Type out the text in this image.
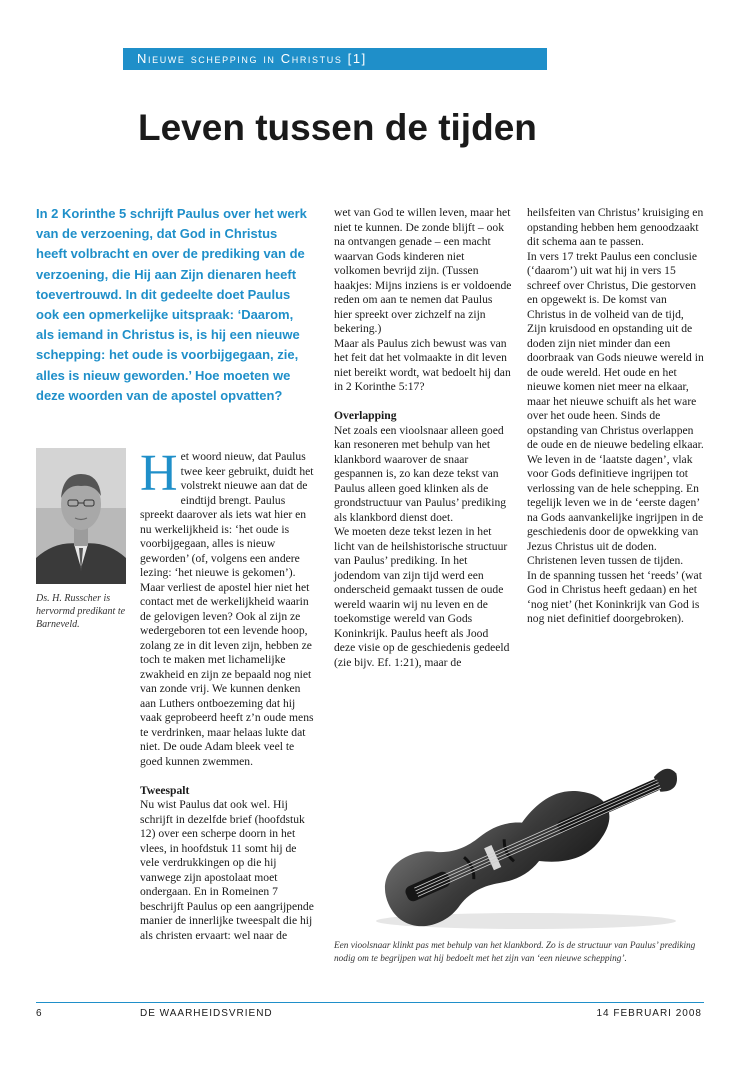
Nieuwe schepping in Christus [1]
Leven tussen de tijden

In 2 Korinthe 5 schrijft Paulus over het werk van de verzoening, dat God in Christus heeft volbracht en over de prediking van de verzoening, die Hij aan Zijn dienaren heeft toevertrouwd. In dit gedeelte doet Paulus ook een opmerkelijke uitspraak: ‘Daarom, als iemand in Christus is, is hij een nieuwe schepping: het oude is voorbijgegaan, zie, alles is nieuw geworden.’ Hoe moeten we deze woorden van de apostel opvatten?

Ds. H. Russcher is hervormd predikant te Barneveld.

Het woord nieuw, dat Paulus twee keer gebruikt, duidt het volstrekt nieuwe aan dat de eindtijd brengt. Paulus spreekt daarover als iets wat hier en nu werkelijkheid is: ‘het oude is voorbijgegaan, alles is nieuw geworden’ (of, volgens een andere lezing: ‘het nieuwe is gekomen’). Maar verliest de apostel hier niet het contact met de werkelijkheid waarin de gelovigen leven? Ook al zijn ze wedergeboren tot een levende hoop, zolang ze in dit leven zijn, hebben ze toch te maken met lichamelijke zwakheid en zijn ze bepaald nog niet van zonde vrij. We kunnen denken aan Luthers ontboezeming dat hij vaak geprobeerd heeft z’n oude mens te verdrinken, maar helaas lukte dat niet. De oude Adam bleek veel te goed kunnen zwemmen.

Tweespalt

Nu wist Paulus dat ook wel. Hij schrijft in dezelfde brief (hoofdstuk 12) over een scherpe doorn in het vlees, in hoofdstuk 11 somt hij de vele verdrukkingen op die hij vanwege zijn apostolaat moet ondergaan. En in Romeinen 7 beschrijft Paulus op een aangrijpende manier de innerlijke tweespalt die hij als christen ervaart: wel naar de

wet van God te willen leven, maar het niet te kunnen. De zonde blijft – ook na ontvangen genade – een macht waarvan Gods kinderen niet volkomen bevrijd zijn. (Tussen haakjes: Mijns inziens is er voldoende reden om aan te nemen dat Paulus hier spreekt over zichzelf na zijn bekering.)

Maar als Paulus zich bewust was van het feit dat het volmaakte in dit leven niet bereikt wordt, wat bedoelt hij dan in 2 Korinthe 5:17?

Overlapping

Net zoals een vioolsnaar alleen goed kan resoneren met behulp van het klankbord waarover de snaar gespannen is, zo kan deze tekst van Paulus alleen goed klinken als de grondstructuur van Paulus’ prediking als klankbord dienst doet.

We moeten deze tekst lezen in het licht van de heilshistorische structuur van Paulus’ prediking. In het jodendom van zijn tijd werd een onderscheid gemaakt tussen de oude wereld waarin wij nu leven en de toekomstige wereld van Gods Koninkrijk. Paulus heeft als Jood deze visie op de geschiedenis gedeeld (zie bijv. Ef. 1:21), maar de

heilsfeiten van Christus’ kruisiging en opstanding hebben hem genoodzaakt dit schema aan te passen.

In vers 17 trekt Paulus een conclusie (‘daarom’) uit wat hij in vers 15 schreef over Christus, Die gestorven en opgewekt is. De komst van Christus in de volheid van de tijd, Zijn kruisdood en opstanding uit de doden zijn niet minder dan een doorbraak van Gods nieuwe wereld in de oude wereld. Het oude en het nieuwe komen niet meer na elkaar, maar het nieuwe schuift als het ware over het oude heen. Sinds de opstanding van Christus overlappen de oude en de nieuwe bedeling elkaar.

We leven in de ‘laatste dagen’, vlak voor Gods definitieve ingrijpen tot verlossing van de hele schepping. En tegelijk leven we in de ‘eerste dagen’ na Gods aanvankelijke ingrijpen in de geschiedenis door de opwekking van Jezus Christus uit de doden. Christenen leven tussen de tijden.

In de spanning tussen het ‘reeds’ (wat God in Christus heeft gedaan) en het ‘nog niet’ (het Koninkrijk van God is nog niet definitief doorgebroken).

Een vioolsnaar klinkt pas met behulp van het klankbord. Zo is de structuur van Paulus’ prediking nodig om te begrijpen wat hij bedoelt met het zijn van ‘een nieuwe schepping’.

6	DE WAARHEIDSVRIEND	14 FEBRUARI 2008
